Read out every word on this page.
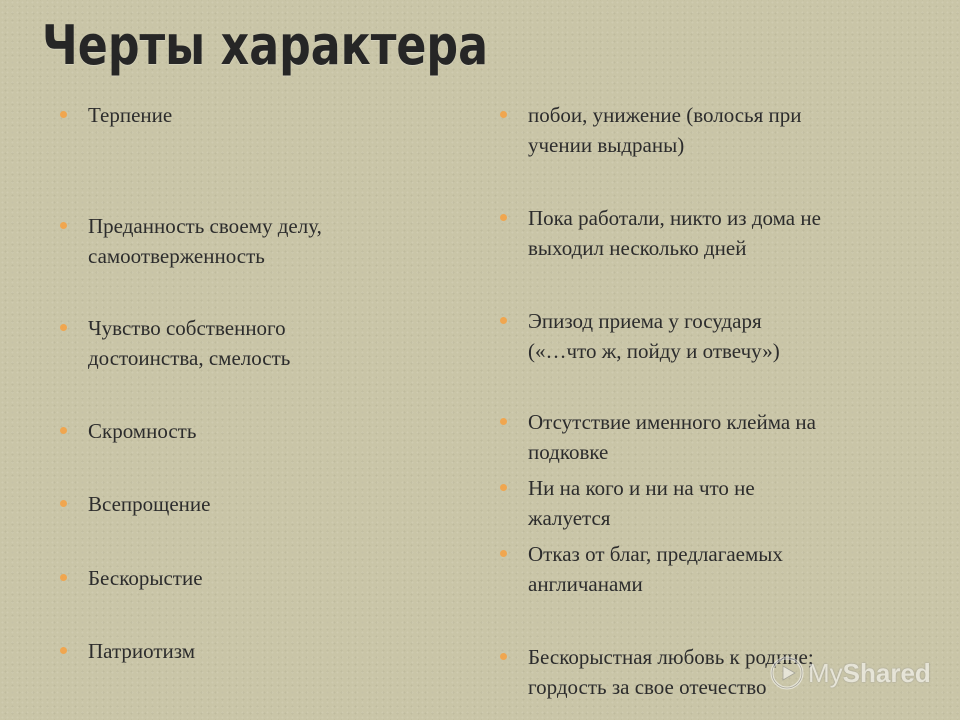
Черты характера
Терпение
Преданность своему делу,
самоотверженность
Чувство собственного
достоинства, смелость
Скромность
Всепрощение
Бескорыстие
Патриотизм
побои, унижение (волосья при
учении выдраны)
Пока работали, никто из дома не
выходил несколько дней
Эпизод приема у государя
(«…что ж, пойду и отвечу»)
Отсутствие именного клейма на
подковке
Ни на кого и ни на что не
жалуется
Отказ от благ, предлагаемых
англичанами
Бескорыстная любовь к родине;
гордость за свое отечество	MyShared
